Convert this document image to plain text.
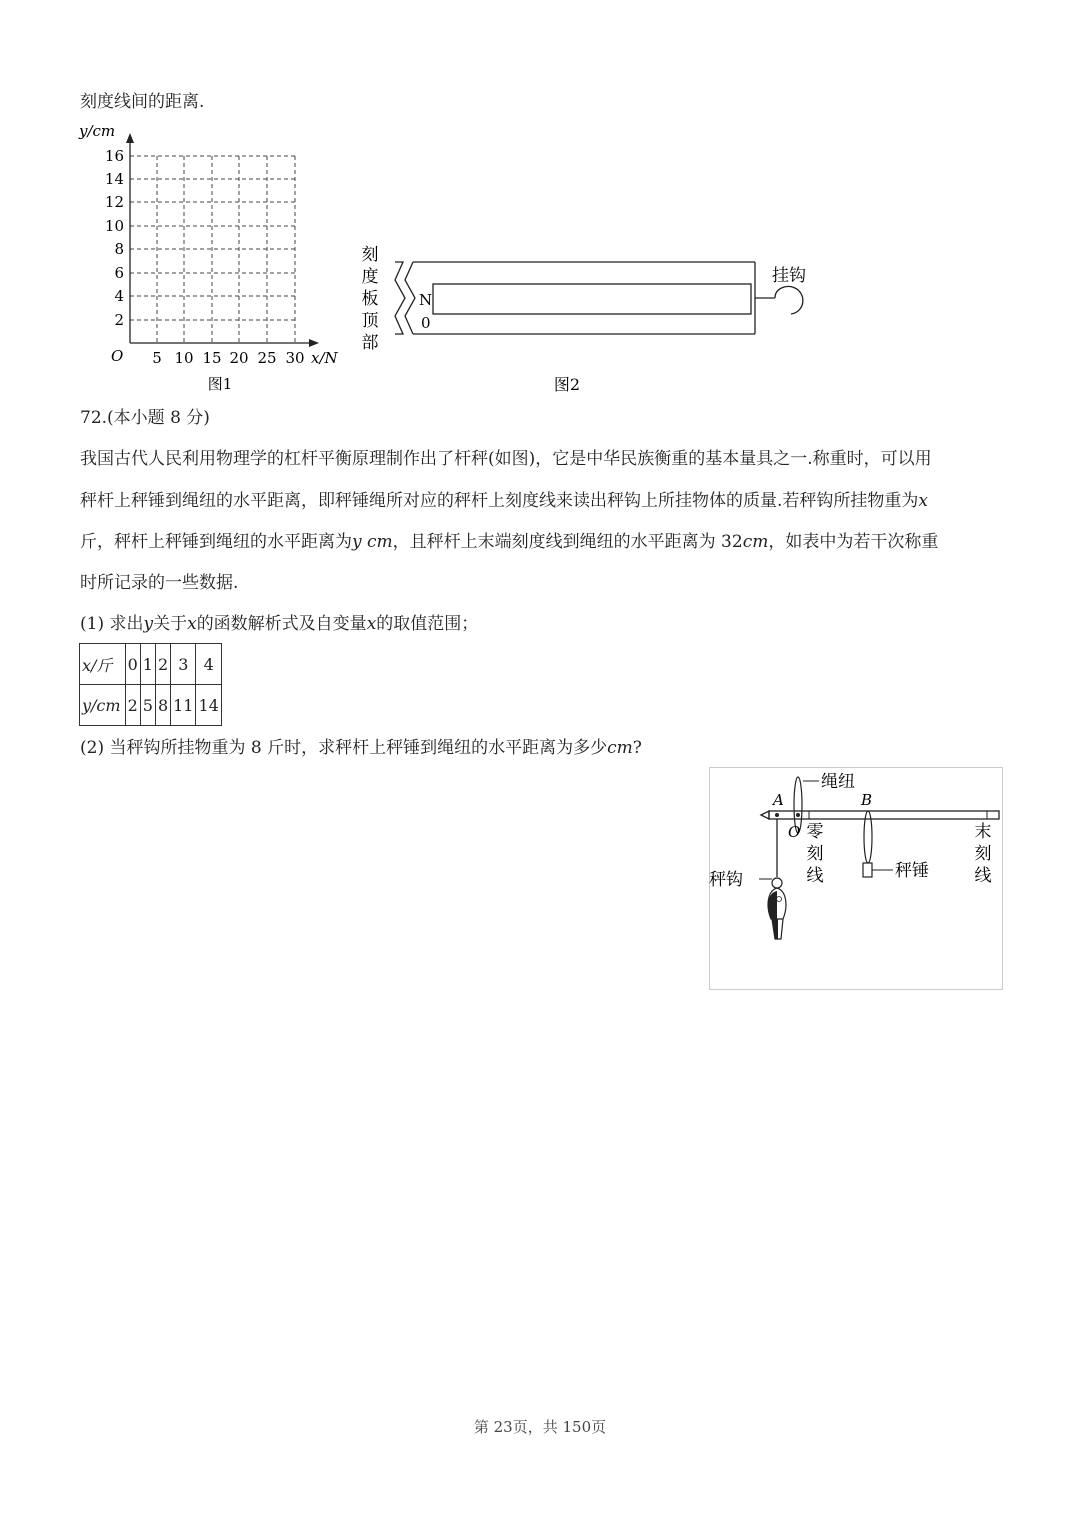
刻度线间的距离.
y/cm
16
14
12
10
8
6
4
2
O 5 10 15 20 25 30 x/N
图1
刻
度
板
顶
部
N
0
挂钩
图2
72.(本小题 8 分)
我国古代人民利用物理学的杠杆平衡原理制作出了杆秤(如图)，它是中华民族衡重的基本量具之一.称重时，可以用
秤杆上秤锤到绳纽的水平距离，即秤锤绳所对应的秤杆上刻度线来读出秤钩上所挂物体的质量.若秤钩所挂物重为x
斤，秤杆上秤锤到绳纽的水平距离为y cm，且秤杆上末端刻度线到绳纽的水平距离为 32cm，如表中为若干次称重
时所记录的一些数据.
(1) 求出y关于x的函数解析式及自变量x的取值范围；
x/斤	0	1	2	3	4
y/cm	2	5	8	11	14
(2) 当秤钩所挂物重为 8 斤时，求秤杆上秤锤到绳纽的水平距离为多少cm?
绳纽
A
O 零
刻
线
末
刻
线
B
秤锤
秤钩
第 23页，共 150页
